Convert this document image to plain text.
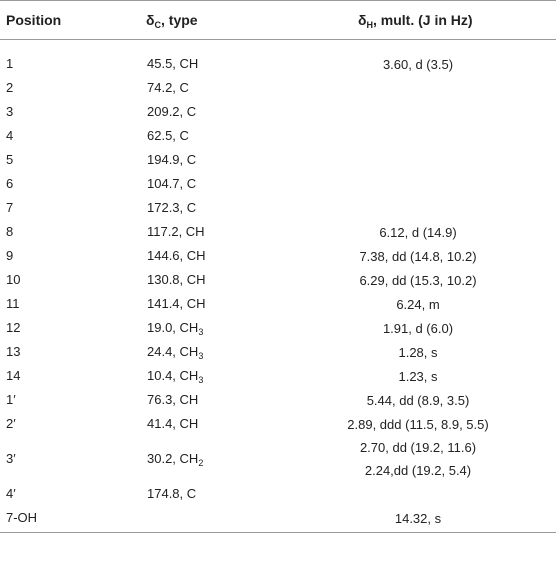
Position	$\delta_C$, type	$\delta_H$, mult. (J in Hz)
1	45.5, CH	3.60, d (3.5)

2	74.2, C	
3	209.2, C	
4	62.5, C	
5	194.9, C	
6	104.7, C	
7	172.3, C	
8	117.2, CH	6.12, d (14.9)

9	144.6, CH	7.38, dd (14.8, 10.2)

10	130.8, CH	6.29, dd (15.3, 10.2)

11	141.4, CH	6.24, m

12	19.0, $CH_3$	1.91, d (6.0)

13	24.4, $CH_3$	1.28, s

14	10.4, $CH_3$	1.23, s

1′	76.3, CH	5.44, dd (8.9, 3.5)

2′	41.4, CH	2.89, ddd (11.5, 8.9, 5.5)

3′	30.2, $CH_2$	2.70, dd (19.2, 11.6)
2.24,dd (19.2, 5.4)

4′	174.8, C	
7-OH		14.32, s
